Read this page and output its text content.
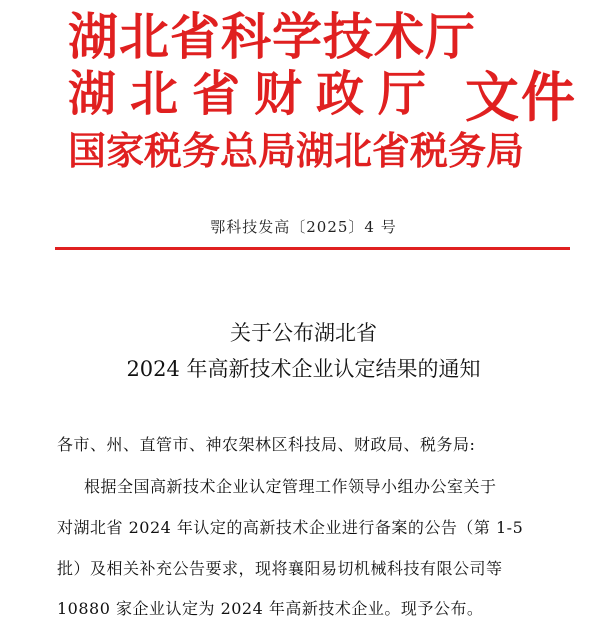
湖北省科学技术厅
湖北省财政厅
国家税务总局湖北省税务局
文件
鄂科技发高〔2025〕4 号
关于公布湖北省
2024 年高新技术企业认定结果的通知
各市、州、直管市、神农架林区科技局、财政局、税务局:
根据全国高新技术企业认定管理工作领导小组办公室关于
对湖北省 2024 年认定的高新技术企业进行备案的公告（第 1-5
批）及相关补充公告要求，现将襄阳易切机械科技有限公司等
10880 家企业认定为 2024 年高新技术企业。现予公布。
